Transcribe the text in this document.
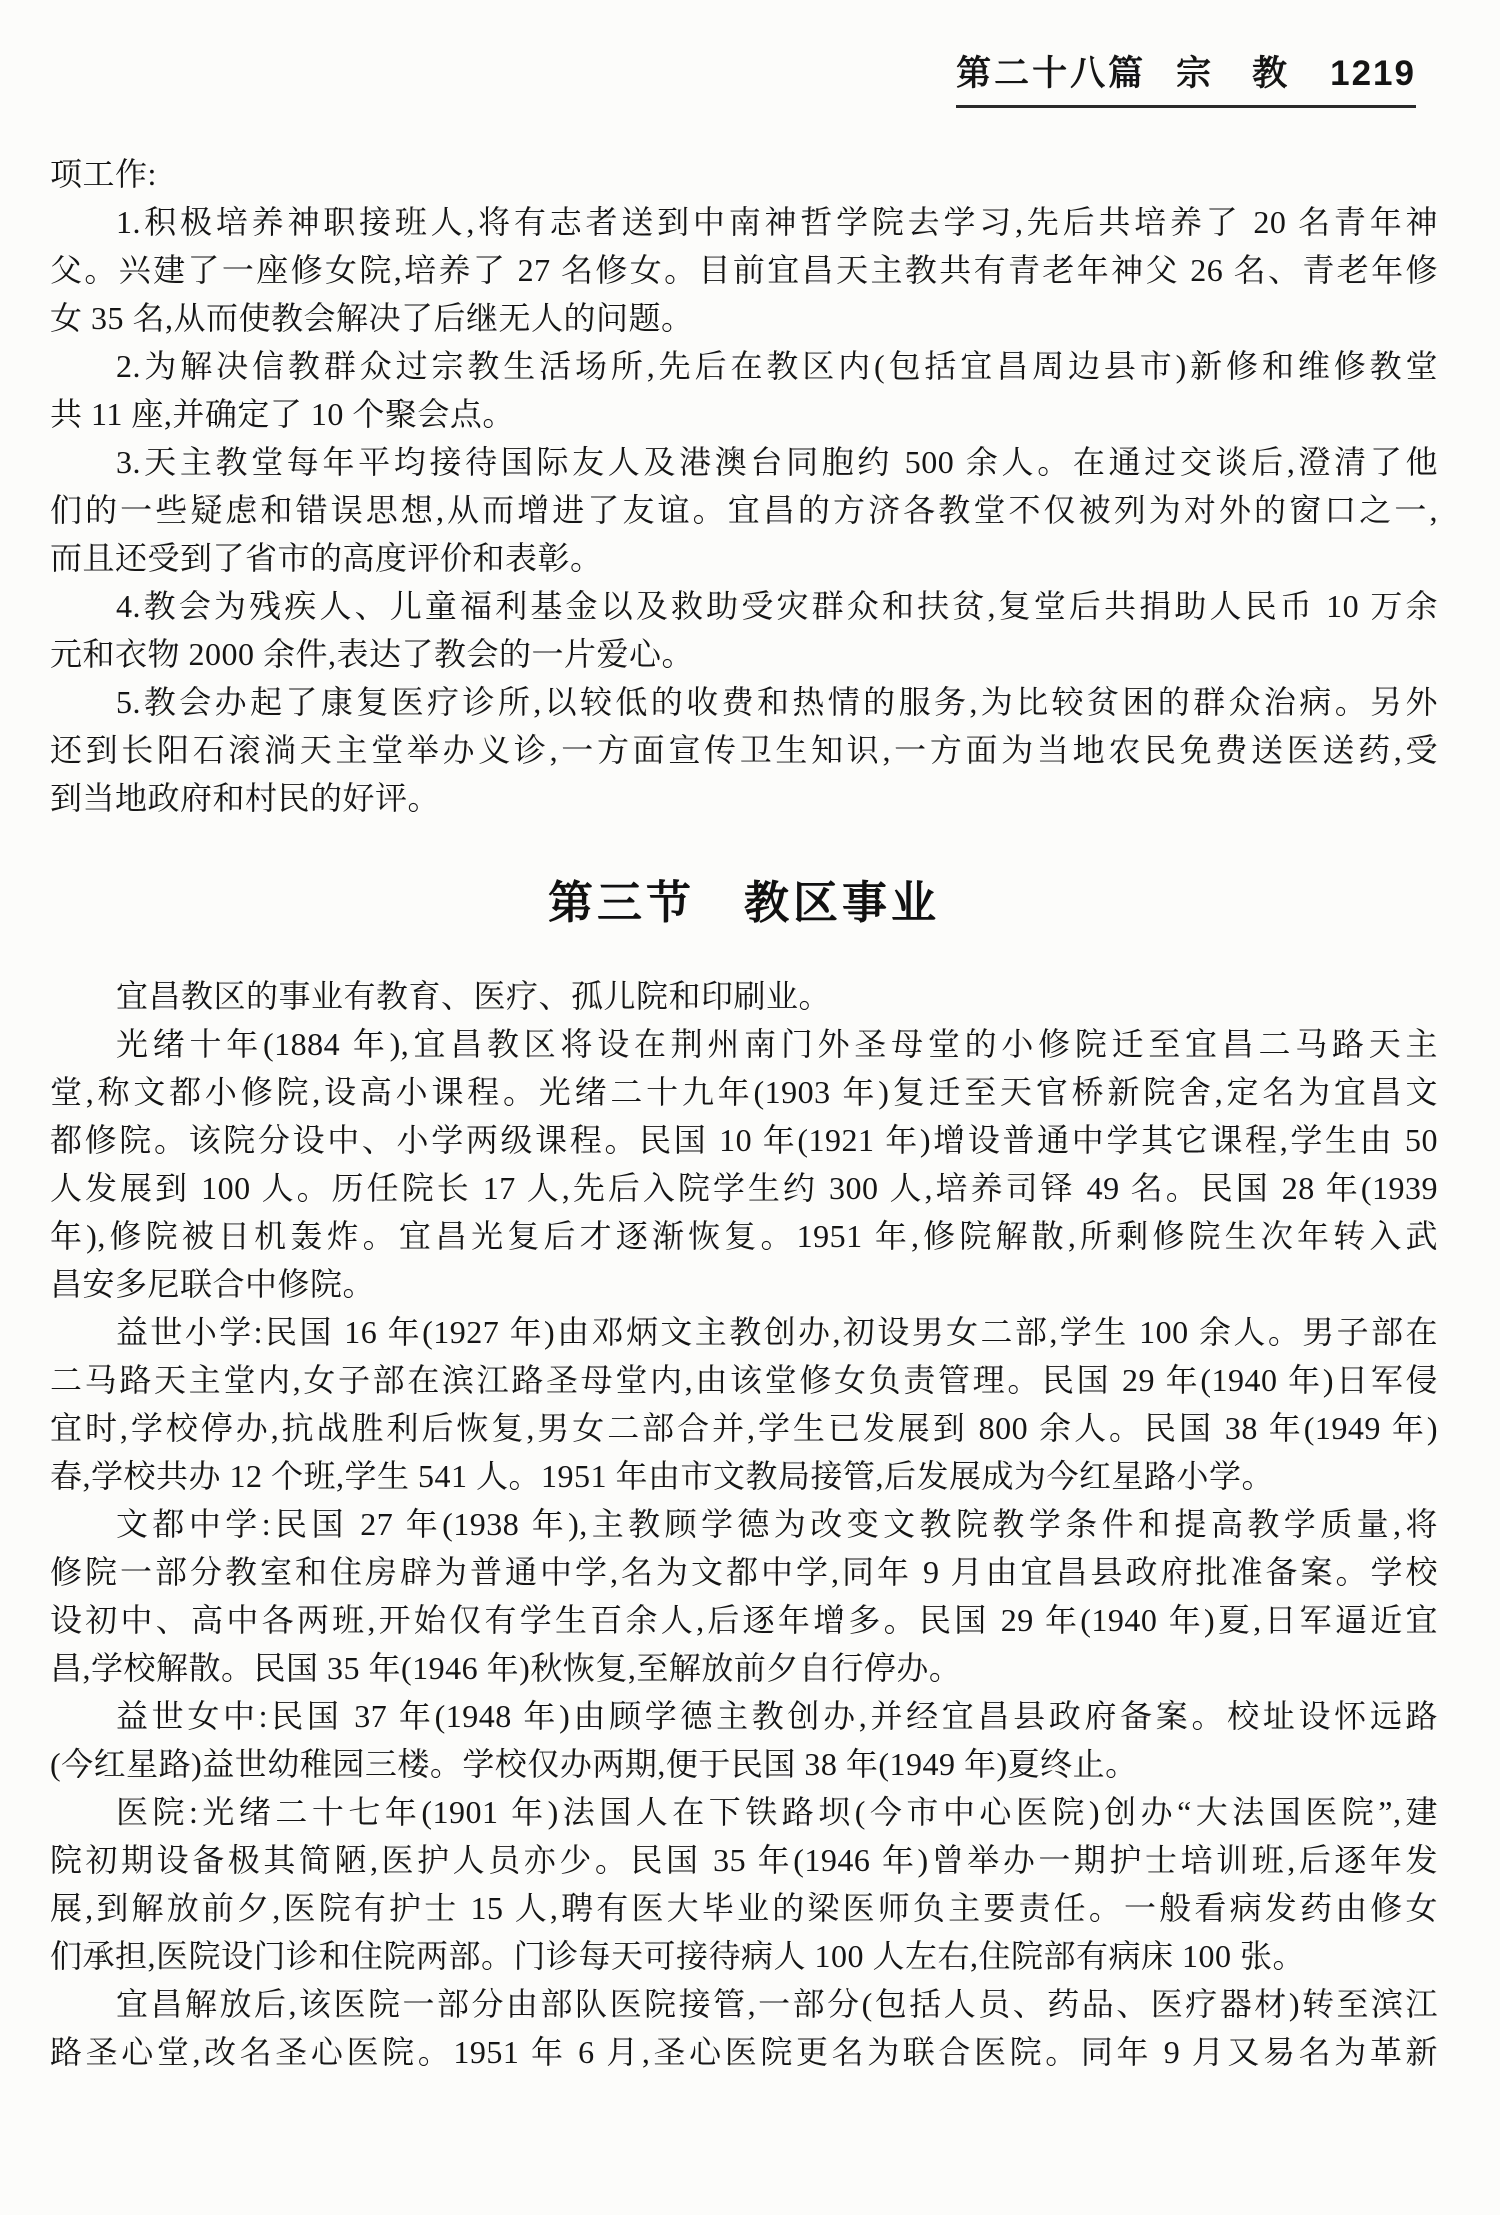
第二十八篇 宗　教 1219
项工作:
1.积极培养神职接班人,将有志者送到中南神哲学院去学习,先后共培养了 20 名青年神
父。兴建了一座修女院,培养了 27 名修女。目前宜昌天主教共有青老年神父 26 名、青老年修
女 35 名,从而使教会解决了后继无人的问题。
2.为解决信教群众过宗教生活场所,先后在教区内(包括宜昌周边县市)新修和维修教堂
共 11 座,并确定了 10 个聚会点。
3.天主教堂每年平均接待国际友人及港澳台同胞约 500 余人。在通过交谈后,澄清了他
们的一些疑虑和错误思想,从而增进了友谊。宜昌的方济各教堂不仅被列为对外的窗口之一,
而且还受到了省市的高度评价和表彰。
4.教会为残疾人、儿童福利基金以及救助受灾群众和扶贫,复堂后共捐助人民币 10 万余
元和衣物 2000 余件,表达了教会的一片爱心。
5.教会办起了康复医疗诊所,以较低的收费和热情的服务,为比较贫困的群众治病。另外
还到长阳石滚淌天主堂举办义诊,一方面宣传卫生知识,一方面为当地农民免费送医送药,受
到当地政府和村民的好评。
第三节　教区事业
宜昌教区的事业有教育、医疗、孤儿院和印刷业。
光绪十年(1884 年),宜昌教区将设在荆州南门外圣母堂的小修院迁至宜昌二马路天主
堂,称文都小修院,设高小课程。光绪二十九年(1903 年)复迁至天官桥新院舍,定名为宜昌文
都修院。该院分设中、小学两级课程。民国 10 年(1921 年)增设普通中学其它课程,学生由 50
人发展到 100 人。历任院长 17 人,先后入院学生约 300 人,培养司铎 49 名。民国 28 年(1939
年),修院被日机轰炸。宜昌光复后才逐渐恢复。1951 年,修院解散,所剩修院生次年转入武
昌安多尼联合中修院。
益世小学:民国 16 年(1927 年)由邓炳文主教创办,初设男女二部,学生 100 余人。男子部在
二马路天主堂内,女子部在滨江路圣母堂内,由该堂修女负责管理。民国 29 年(1940 年)日军侵
宜时,学校停办,抗战胜利后恢复,男女二部合并,学生已发展到 800 余人。民国 38 年(1949 年)
春,学校共办 12 个班,学生 541 人。1951 年由市文教局接管,后发展成为今红星路小学。
文都中学:民国 27 年(1938 年),主教顾学德为改变文教院教学条件和提高教学质量,将
修院一部分教室和住房辟为普通中学,名为文都中学,同年 9 月由宜昌县政府批准备案。学校
设初中、高中各两班,开始仅有学生百余人,后逐年增多。民国 29 年(1940 年)夏,日军逼近宜
昌,学校解散。民国 35 年(1946 年)秋恢复,至解放前夕自行停办。
益世女中:民国 37 年(1948 年)由顾学德主教创办,并经宜昌县政府备案。校址设怀远路
(今红星路)益世幼稚园三楼。学校仅办两期,便于民国 38 年(1949 年)夏终止。
医院:光绪二十七年(1901 年)法国人在下铁路坝(今市中心医院)创办“大法国医院”,建
院初期设备极其简陋,医护人员亦少。民国 35 年(1946 年)曾举办一期护士培训班,后逐年发
展,到解放前夕,医院有护士 15 人,聘有医大毕业的梁医师负主要责任。一般看病发药由修女
们承担,医院设门诊和住院两部。门诊每天可接待病人 100 人左右,住院部有病床 100 张。
宜昌解放后,该医院一部分由部队医院接管,一部分(包括人员、药品、医疗器材)转至滨江
路圣心堂,改名圣心医院。1951 年 6 月,圣心医院更名为联合医院。同年 9 月又易名为革新
